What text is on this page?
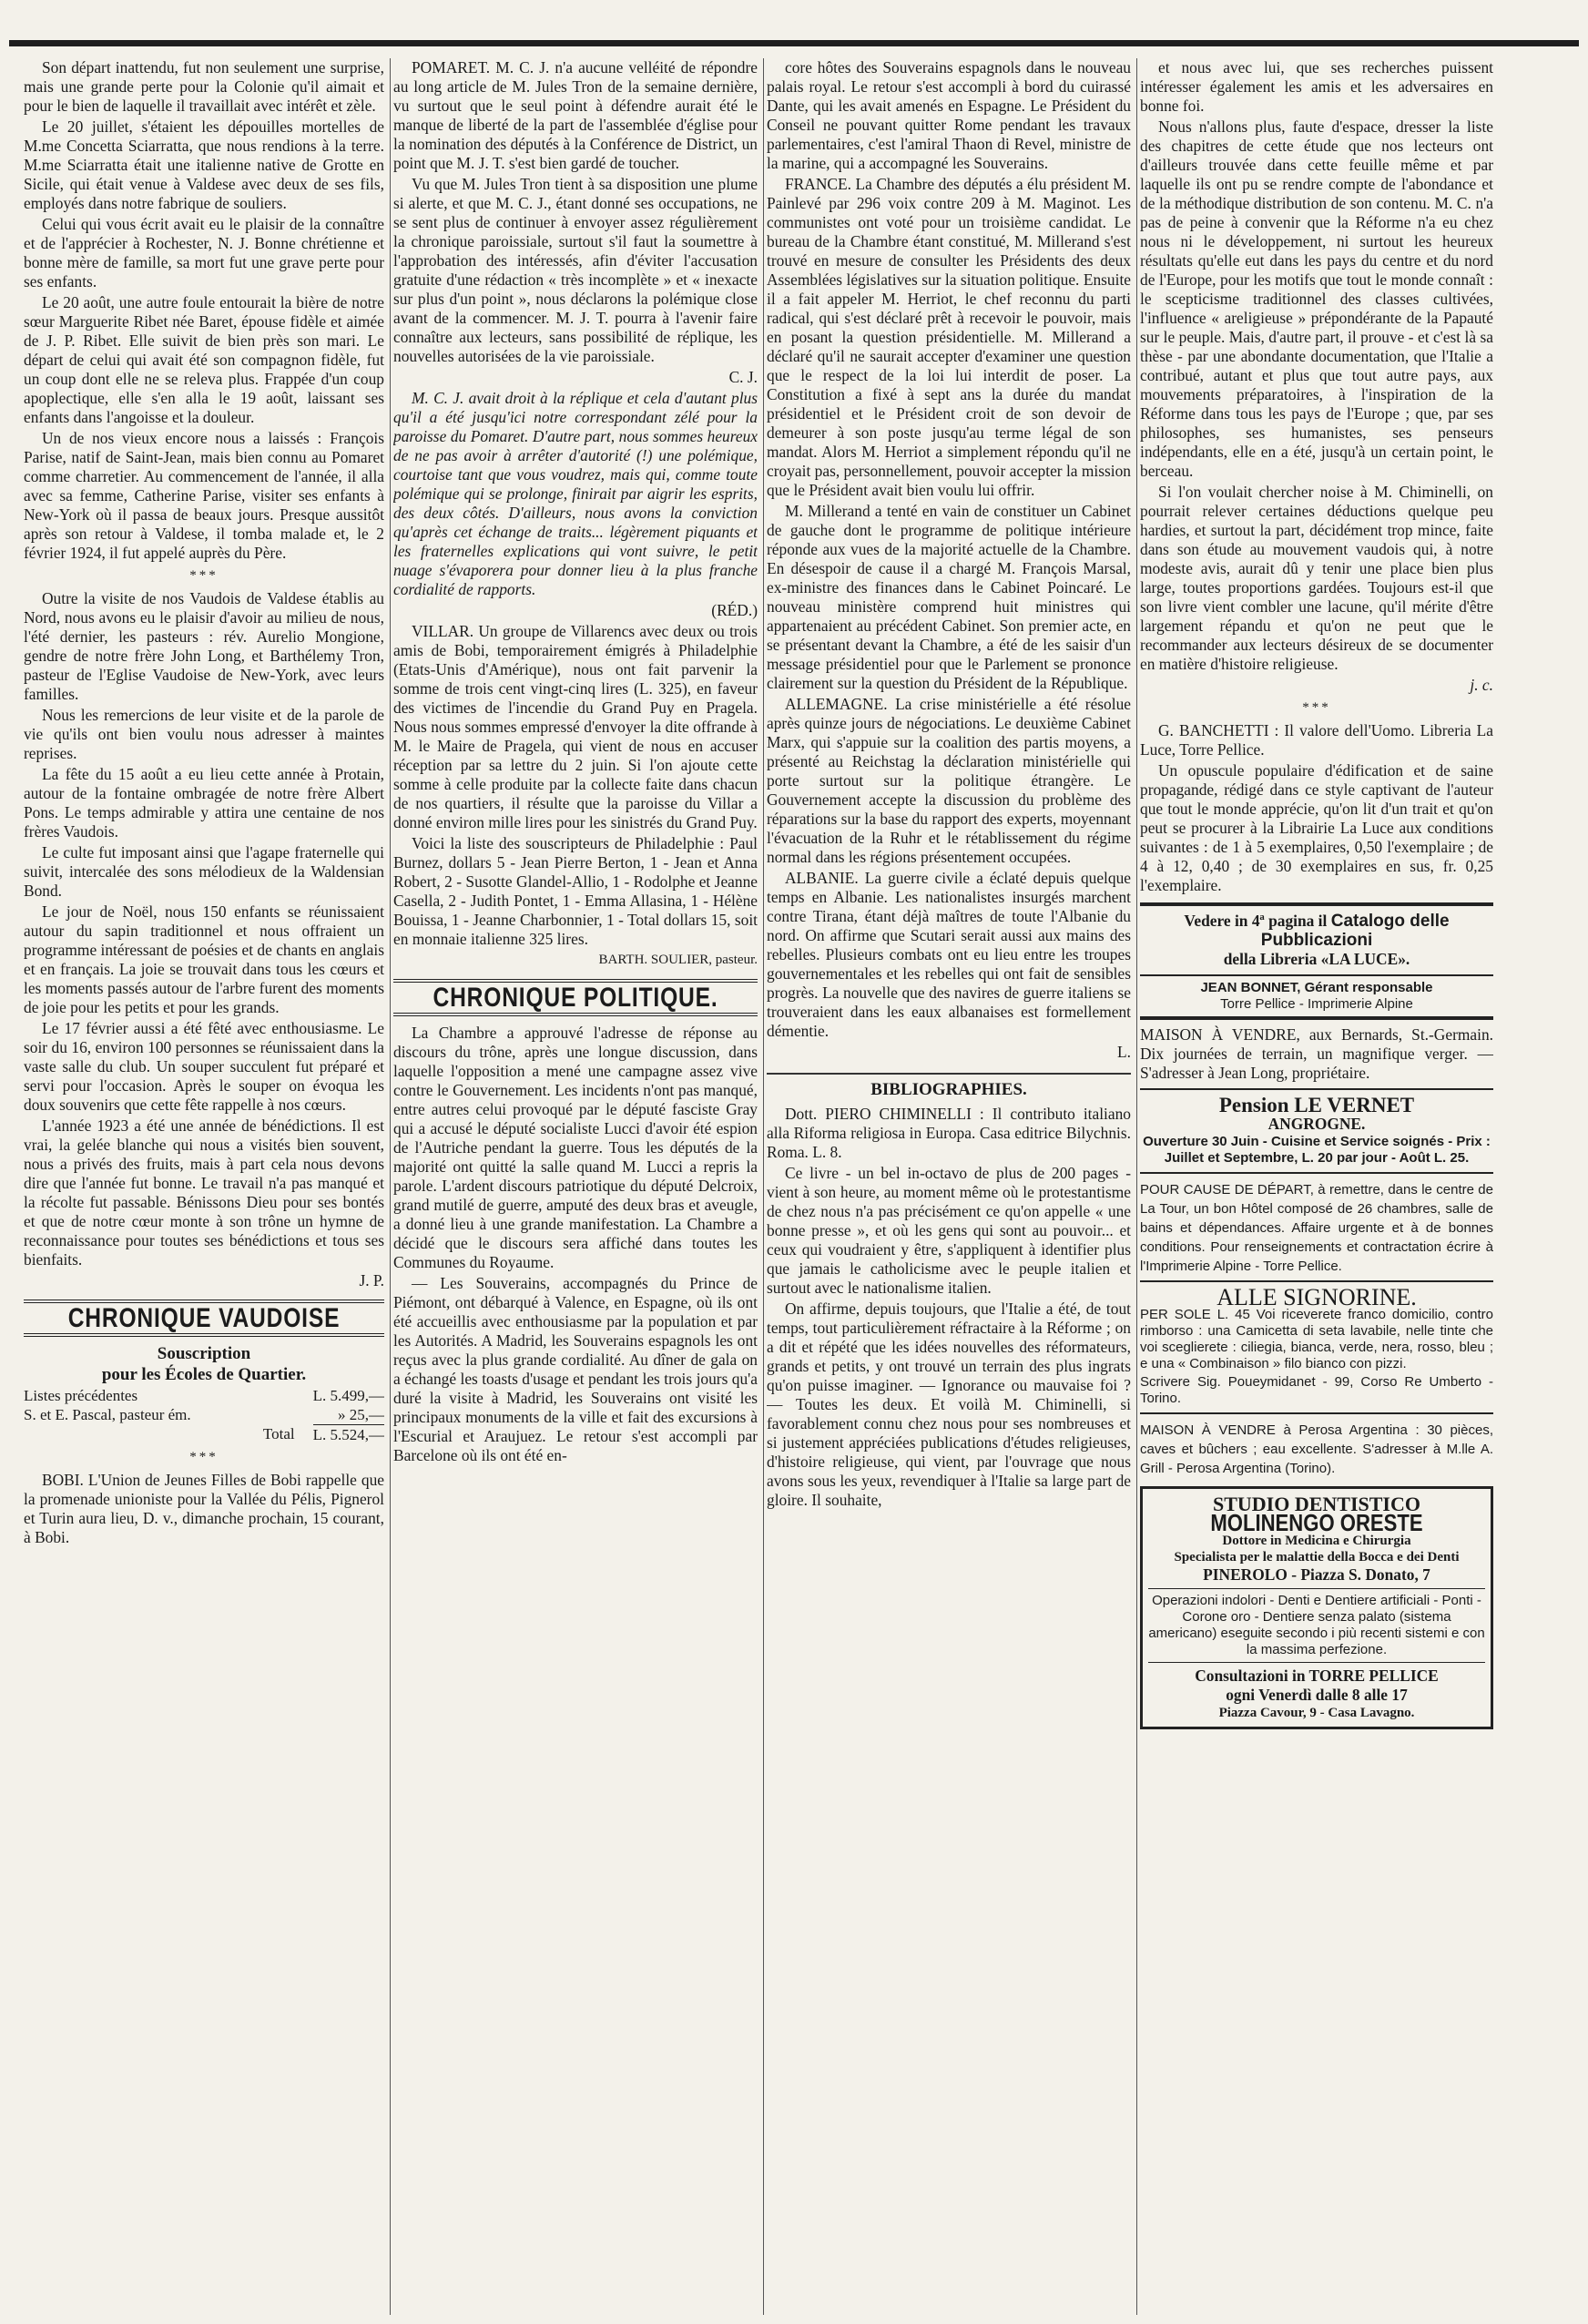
Son départ inattendu, fut non seulement une surprise, mais une grande perte pour la Colonie qu'il aimait et pour le bien de laquelle il travaillait avec intérêt et zèle.

Le 20 juillet, s'étaient les dépouilles mortelles de M.me Concetta Sciarratta, que nous rendions à la terre. M.me Sciarratta était une italienne native de Grotte en Sicile, qui était venue à Valdese avec deux de ses fils, employés dans notre fabrique de souliers.

Celui qui vous écrit avait eu le plaisir de la connaître et de l'apprécier à Rochester, N. J. Bonne chrétienne et bonne mère de famille, sa mort fut une grave perte pour ses enfants.

Le 20 août, une autre foule entourait la bière de notre sœur Marguerite Ribet née Baret, épouse fidèle et aimée de J. P. Ribet. Elle suivit de bien près son mari. Le départ de celui qui avait été son compagnon fidèle, fut un coup dont elle ne se releva plus. Frappée d'un coup apoplectique, elle s'en alla le 19 août, laissant ses enfants dans l'angoisse et la douleur.

Un de nos vieux encore nous a laissés : François Parise, natif de Saint-Jean, mais bien connu au Pomaret comme charretier. Au commencement de l'année, il alla avec sa femme, Catherine Parise, visiter ses enfants à New-York où il passa de beaux jours. Presque aussitôt après son retour à Valdese, il tomba malade et, le 2 février 1924, il fut appelé auprès du Père.

***

Outre la visite de nos Vaudois de Valdese établis au Nord, nous avons eu le plaisir d'avoir au milieu de nous, l'été dernier, les pasteurs : rév. Aurelio Mongione, gendre de notre frère John Long, et Barthélemy Tron, pasteur de l'Eglise Vaudoise de New-York, avec leurs familles.

Nous les remercions de leur visite et de la parole de vie qu'ils ont bien voulu nous adresser à maintes reprises.

La fête du 15 août a eu lieu cette année à Protain, autour de la fontaine ombragée de notre frère Albert Pons. Le temps admirable y attira une centaine de nos frères Vaudois.

Le culte fut imposant ainsi que l'agape fraternelle qui suivit, intercalée des sons mélodieux de la Waldensian Bond.

Le jour de Noël, nous 150 enfants se réunissaient autour du sapin traditionnel et nous offraient un programme intéressant de poésies et de chants en anglais et en français. La joie se trouvait dans tous les cœurs et les moments passés autour de l'arbre furent des moments de joie pour les petits et pour les grands.

Le 17 février aussi a été fêté avec enthousiasme. Le soir du 16, environ 100 personnes se réunissaient dans la vaste salle du club. Un souper succulent fut préparé et servi pour l'occasion. Après le souper on évoqua les doux souvenirs que cette fête rappelle à nos cœurs.

L'année 1923 a été une année de bénédictions. Il est vrai, la gelée blanche qui nous a visités bien souvent, nous a privés des fruits, mais à part cela nous devons dire que l'année fut bonne. Le travail n'a pas manqué et la récolte fut passable. Bénissons Dieu pour ses bontés et que de notre cœur monte à son trône un hymne de reconnaissance pour toutes ses bénédictions et tous ses bienfaits.

J. P.

CHRONIQUE VAUDOISE
Souscription
pour les Écoles de Quartier.
Listes précédentes	L. 5.499,—
S. et E. Pascal, pasteur ém.	» 25,—
Total L. 5.524,—
***

BOBI. L'Union de Jeunes Filles de Bobi rappelle que la promenade unioniste pour la Vallée du Pélis, Pignerol et Turin aura lieu, D. v., dimanche prochain, 15 courant, à Bobi.

POMARET. M. C. J. n'a aucune velléité de répondre au long article de M. Jules Tron de la semaine dernière, vu surtout que le seul point à défendre aurait été le manque de liberté de la part de l'assemblée d'église pour la nomination des députés à la Conférence de District, un point que M. J. T. s'est bien gardé de toucher.

Vu que M. Jules Tron tient à sa disposition une plume si alerte, et que M. C. J., étant donné ses occupations, ne se sent plus de continuer à envoyer assez régulièrement la chronique paroissiale, surtout s'il faut la soumettre à l'approbation des intéressés, afin d'éviter l'accusation gratuite d'une rédaction « très incomplète » et « inexacte sur plus d'un point », nous déclarons la polémique close avant de la commencer. M. J. T. pourra à l'avenir faire connaître aux lecteurs, sans possibilité de réplique, les nouvelles autorisées de la vie paroissiale.

C. J.

M. C. J. avait droit à la réplique et cela d'autant plus qu'il a été jusqu'ici notre correspondant zélé pour la paroisse du Pomaret. D'autre part, nous sommes heureux de ne pas avoir à arrêter d'autorité (!) une polémique, courtoise tant que vous voudrez, mais qui, comme toute polémique qui se prolonge, finirait par aigrir les esprits, des deux côtés. D'ailleurs, nous avons la conviction qu'après cet échange de traits... légèrement piquants et les fraternelles explications qui vont suivre, le petit nuage s'évaporera pour donner lieu à la plus franche cordialité de rapports.

(RÉD.)

VILLAR. Un groupe de Villarencs avec deux ou trois amis de Bobi, temporairement émigrés à Philadelphie (Etats-Unis d'Amérique), nous ont fait parvenir la somme de trois cent vingt-cinq lires (L. 325), en faveur des victimes de l'incendie du Grand Puy en Pragela. Nous nous sommes empressé d'envoyer la dite offrande à M. le Maire de Pragela, qui vient de nous en accuser réception par sa lettre du 2 juin. Si l'on ajoute cette somme à celle produite par la collecte faite dans chacun de nos quartiers, il résulte que la paroisse du Villar a donné environ mille lires pour les sinistrés du Grand Puy.

Voici la liste des souscripteurs de Philadelphie : Paul Burnez, dollars 5 - Jean Pierre Berton, 1 - Jean et Anna Robert, 2 - Susotte Glandel-Allio, 1 - Rodolphe et Jeanne Casella, 2 - Judith Pontet, 1 - Emma Allasina, 1 - Hélène Bouissa, 1 - Jeanne Charbonnier, 1 - Total dollars 15, soit en monnaie italienne 325 lires.

BARTH. SOULIER, pasteur.

CHRONIQUE POLITIQUE.

La Chambre a approuvé l'adresse de réponse au discours du trône, après une longue discussion, dans laquelle l'opposition a mené une campagne assez vive contre le Gouvernement. Les incidents n'ont pas manqué, entre autres celui provoqué par le député fasciste Gray qui a accusé le député socialiste Lucci d'avoir été espion de l'Autriche pendant la guerre. Tous les députés de la majorité ont quitté la salle quand M. Lucci a repris la parole. L'ardent discours patriotique du député Delcroix, grand mutilé de guerre, amputé des deux bras et aveugle, a donné lieu à une grande manifestation. La Chambre a décidé que le discours sera affiché dans toutes les Communes du Royaume.

— Les Souverains, accompagnés du Prince de Piémont, ont débarqué à Valence, en Espagne, où ils ont été accueillis avec enthousiasme par la population et par les Autorités. A Madrid, les Souverains espagnols les ont reçus avec la plus grande cordialité. Au dîner de gala on a échangé les toasts d'usage et pendant les trois jours qu'a duré la visite à Madrid, les Souverains ont visité les principaux monuments de la ville et fait des excursions à l'Escurial et Araujuez. Le retour s'est accompli par Barcelone où ils ont été en-

core hôtes des Souverains espagnols dans le nouveau palais royal. Le retour s'est accompli à bord du cuirassé Dante, qui les avait amenés en Espagne. Le Président du Conseil ne pouvant quitter Rome pendant les travaux parlementaires, c'est l'amiral Thaon di Revel, ministre de la marine, qui a accompagné les Souverains.

FRANCE. La Chambre des députés a élu président M. Painlevé par 296 voix contre 209 à M. Maginot. Les communistes ont voté pour un troisième candidat. Le bureau de la Chambre étant constitué, M. Millerand s'est trouvé en mesure de consulter les Présidents des deux Assemblées législatives sur la situation politique. Ensuite il a fait appeler M. Herriot, le chef reconnu du parti radical, qui s'est déclaré prêt à recevoir le pouvoir, mais en posant la question présidentielle. M. Millerand a déclaré qu'il ne saurait accepter d'examiner une question que le respect de la loi lui interdit de poser. La Constitution a fixé à sept ans la durée du mandat présidentiel et le Président croit de son devoir de demeurer à son poste jusqu'au terme légal de son mandat. Alors M. Herriot a simplement répondu qu'il ne croyait pas, personnellement, pouvoir accepter la mission que le Président avait bien voulu lui offrir.

M. Millerand a tenté en vain de constituer un Cabinet de gauche dont le programme de politique intérieure réponde aux vues de la majorité actuelle de la Chambre. En désespoir de cause il a chargé M. François Marsal, ex-ministre des finances dans le Cabinet Poincaré. Le nouveau ministère comprend huit ministres qui appartenaient au précédent Cabinet. Son premier acte, en se présentant devant la Chambre, a été de les saisir d'un message présidentiel pour que le Parlement se prononce clairement sur la question du Président de la République.

ALLEMAGNE. La crise ministérielle a été résolue après quinze jours de négociations. Le deuxième Cabinet Marx, qui s'appuie sur la coalition des partis moyens, a présenté au Reichstag la déclaration ministérielle qui porte surtout sur la politique étrangère. Le Gouvernement accepte la discussion du problème des réparations sur la base du rapport des experts, moyennant l'évacuation de la Ruhr et le rétablissement du régime normal dans les régions présentement occupées.

ALBANIE. La guerre civile a éclaté depuis quelque temps en Albanie. Les nationalistes insurgés marchent contre Tirana, étant déjà maîtres de toute l'Albanie du nord. On affirme que Scutari serait aussi aux mains des rebelles. Plusieurs combats ont eu lieu entre les troupes gouvernementales et les rebelles qui ont fait de sensibles progrès. La nouvelle que des navires de guerre italiens se trouveraient dans les eaux albanaises est formellement démentie.

L.

BIBLIOGRAPHIES.

Dott. PIERO CHIMINELLI : Il contributo italiano alla Riforma religiosa in Europa. Casa editrice Bilychnis. Roma. L. 8.

Ce livre - un bel in-octavo de plus de 200 pages - vient à son heure, au moment même où le protestantisme de chez nous n'a pas précisément ce qu'on appelle « une bonne presse », et où les gens qui sont au pouvoir... et ceux qui voudraient y être, s'appliquent à identifier plus que jamais le catholicisme avec le peuple italien et surtout avec le nationalisme italien.

On affirme, depuis toujours, que l'Italie a été, de tout temps, tout particulièrement réfractaire à la Réforme ; on a dit et répété que les idées nouvelles des réformateurs, grands et petits, y ont trouvé un terrain des plus ingrats qu'on puisse imaginer. — Ignorance ou mauvaise foi ? — Toutes les deux. Et voilà M. Chiminelli, si favorablement connu chez nous pour ses nombreuses et si justement appréciées publications d'études religieuses, d'histoire religieuse, qui vient, par l'ouvrage que nous avons sous les yeux, revendiquer à l'Italie sa large part de gloire. Il souhaite,

et nous avec lui, que ses recherches puissent intéresser également les amis et les adversaires en bonne foi.

Nous n'allons plus, faute d'espace, dresser la liste des chapitres de cette étude que nos lecteurs ont d'ailleurs trouvée dans cette feuille même et par laquelle ils ont pu se rendre compte de l'abondance et de la méthodique distribution de son contenu. M. C. n'a pas de peine à convenir que la Réforme n'a eu chez nous ni le développement, ni surtout les heureux résultats qu'elle eut dans les pays du centre et du nord de l'Europe, pour les motifs que tout le monde connaît : le scepticisme traditionnel des classes cultivées, l'influence « areligieuse » prépondérante de la Papauté sur le peuple. Mais, d'autre part, il prouve - et c'est là sa thèse - par une abondante documentation, que l'Italie a contribué, autant et plus que tout autre pays, aux mouvements préparatoires, à l'inspiration de la Réforme dans tous les pays de l'Europe ; que, par ses philosophes, ses humanistes, ses penseurs indépendants, elle en a été, jusqu'à un certain point, le berceau.

Si l'on voulait chercher noise à M. Chiminelli, on pourrait relever certaines déductions quelque peu hardies, et surtout la part, décidément trop mince, faite dans son étude au mouvement vaudois qui, à notre modeste avis, aurait dû y tenir une place bien plus large, toutes proportions gardées. Toujours est-il que son livre vient combler une lacune, qu'il mérite d'être largement répandu et qu'on ne peut que le recommander aux lecteurs désireux de se documenter en matière d'histoire religieuse.

j. c.

***

G. BANCHETTI : Il valore dell'Uomo. Libreria La Luce, Torre Pellice.

Un opuscule populaire d'édification et de saine propagande, rédigé dans ce style captivant de l'auteur que tout le monde apprécie, qu'on lit d'un trait et qu'on peut se procurer à la Librairie La Luce aux conditions suivantes : de 1 à 5 exemplaires, 0,50 l'exemplaire ; de 4 à 12, 0,40 ; de 30 exemplaires en sus, fr. 0,25 l'exemplaire.

Vedere in 4ª pagina il Catalogo delle Pubblicazioni
della Libreria «LA LUCE».
JEAN BONNET, Gérant responsable
Torre Pellice - Imprimerie Alpine
MAISON À VENDRE, aux Bernards, St.-Germain. Dix journées de terrain, un magnifique verger. — S'adresser à Jean Long, propriétaire.
Pension LE VERNET
ANGROGNE.
Ouverture 30 Juin - Cuisine et Service soignés - Prix : Juillet et Septembre, L. 20 par jour - Août L. 25.
POUR CAUSE DE DÉPART, à remettre, dans le centre de La Tour, un bon Hôtel composé de 26 chambres, salle de bains et dépendances. Affaire urgente et à de bonnes conditions. Pour renseignements et contractation écrire à l'Imprimerie Alpine - Torre Pellice.
ALLE SIGNORINE.
PER SOLE L. 45 Voi riceverete franco domicilio, contro rimborso : una Camicetta di seta lavabile, nelle tinte che voi sceglierete : ciliegia, bianca, verde, nera, rosso, bleu ; e una « Combinaison » filo bianco con pizzi.
Scrivere Sig. Poueymidanet - 99, Corso Re Umberto - Torino.
MAISON À VENDRE à Perosa Argentina : 30 pièces, caves et bûchers ; eau excellente. S'adresser à M.lle A. Grill - Perosa Argentina (Torino).
STUDIO DENTISTICO
MOLINENGO ORESTE
Dottore in Medicina e Chirurgia
Specialista per le malattie della Bocca e dei Denti
PINEROLO - Piazza S. Donato, 7
Operazioni indolori - Denti e Dentiere artificiali - Ponti - Corone oro - Dentiere senza palato (sistema americano) eseguite secondo i più recenti sistemi e con la massima perfezione.
Consultazioni in TORRE PELLICE
ogni Venerdì dalle 8 alle 17
Piazza Cavour, 9 - Casa Lavagno.
